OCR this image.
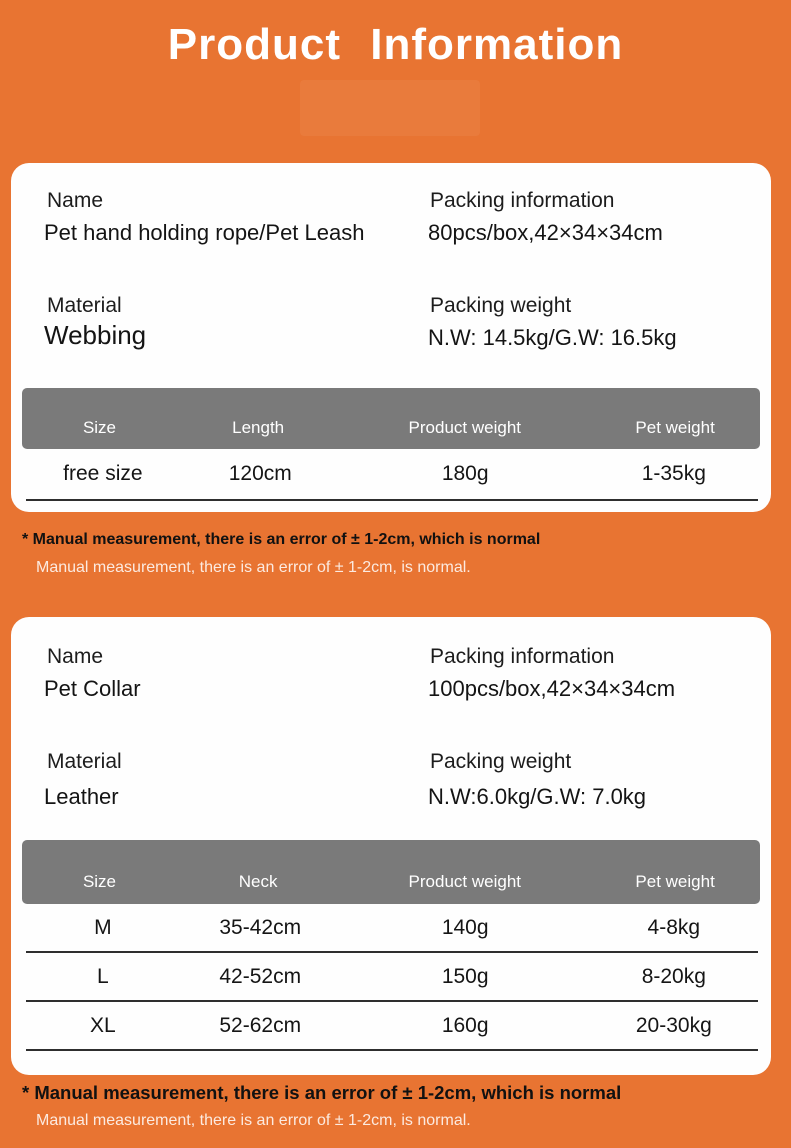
Product Information
Name
Pet hand holding rope/Pet Leash
Packing information
80pcs/box,42×34×34cm
Material
Webbing
Packing weight
N.W: 14.5kg/G.W: 16.5kg
Size	Length	Product weight	Pet weight
free size	120cm	180g	1-35kg
* Manual measurement, there is an error of ± 1-2cm, which is normal
Manual measurement, there is an error of ± 1-2cm, is normal.
Name
Pet Collar
Packing information
100pcs/box,42×34×34cm
Material
Leather
Packing weight
N.W:6.0kg/G.W: 7.0kg
Size	Neck	Product weight	Pet weight
M	35-42cm	140g	4-8kg
L	42-52cm	150g	8-20kg
XL	52-62cm	160g	20-30kg
* Manual measurement, there is an error of ± 1-2cm, which is normal
Manual measurement, there is an error of ± 1-2cm, is normal.
